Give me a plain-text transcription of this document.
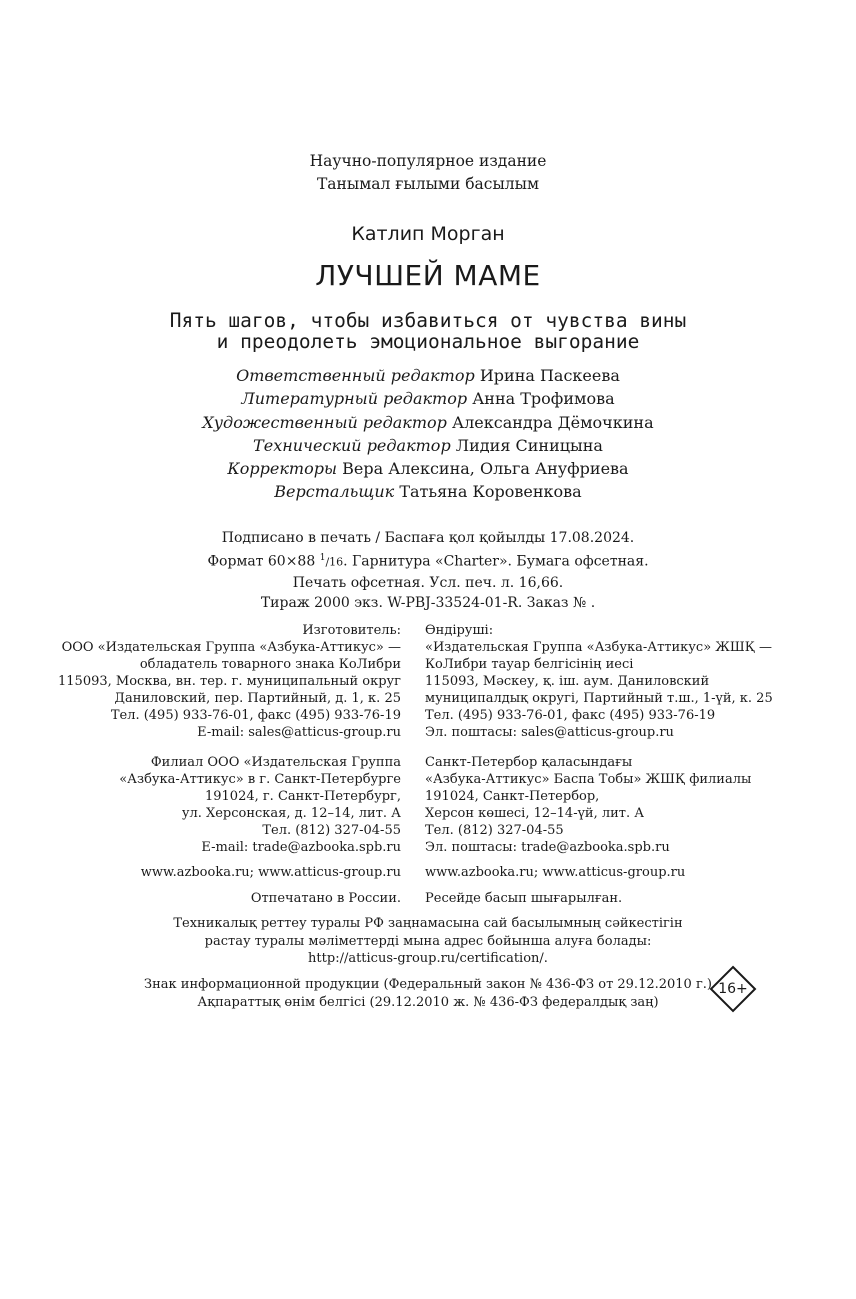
Научно-популярное издание
Танымал ғылыми басылым
Катлип Морган
ЛУЧШЕЙ МАМЕ
Пять шагов, чтобы избавиться от чувства вины
и преодолеть эмоциональное выгорание
Ответственный редактор Ирина Паскеева
Литературный редактор Анна Трофимова
Художественный редактор Александра Дёмочкина
Технический редактор Лидия Синицына
Корректоры Вера Алексина, Ольга Ануфриева
Верстальщик Татьяна Коровенкова
Подписано в печать / Баспаға қол қойылды 17.08.2024.
Формат 60×88 $^1$/16. Гарнитура «Charter». Бумага офсетная.
Печать офсетная. Усл. печ. л. 16,66.
Тираж 2000 экз. W-PBJ-33524-01-R. Заказ № .
Изготовитель:
ООО «Издательская Группа «Азбука-Аттикус» —
обладатель товарного знака КоЛибри
115093, Москва, вн. тер. г. муниципальный округ
Даниловский, пер. Партийный, д. 1, к. 25
Тел. (495) 933-76-01, факс (495) 933-76-19
E-mail: sales@atticus-group.ru
Өндіруші:
«Издательская Группа «Азбука-Аттикус» ЖШҚ —
КоЛибри тауар белгісінің иесі
115093, Мәскеу, қ. іш. аум. Даниловский
муниципалдық округі, Партийный т.ш., 1-үй, к. 25
Тел. (495) 933-76-01, факс (495) 933-76-19
Эл. поштасы: sales@atticus-group.ru
Филиал ООО «Издательская Группа
«Азбука-Аттикус» в г. Санкт-Петербурге
191024, г. Санкт-Петербург,
ул. Херсонская, д. 12–14, лит. А
Тел. (812) 327-04-55
E-mail: trade@azbooka.spb.ru
Санкт-Петербор қаласындағы
«Азбука-Аттикус» Баспа Тобы» ЖШҚ филиалы
191024, Санкт-Петербор,
Херсон көшесі, 12–14-үй, лит. А
Тел. (812) 327-04-55
Эл. поштасы: trade@azbooka.spb.ru
www.azbooka.ru; www.atticus-group.ru www.azbooka.ru; www.atticus-group.ru
Отпечатано в России. Ресейде басып шығарылған.
Техникалық реттеу туралы РФ заңнамасына сай басылымның сәйкестігін
растау туралы мәліметтерді мына адрес бойынша алуға болады:
http://atticus-group.ru/certification/.
Знак информационной продукции (Федеральный закон № 436-ФЗ от 29.12.2010 г.)
Ақпараттық өнім белгісі (29.12.2010 ж. № 436-ФЗ федералдық заң)
16+
